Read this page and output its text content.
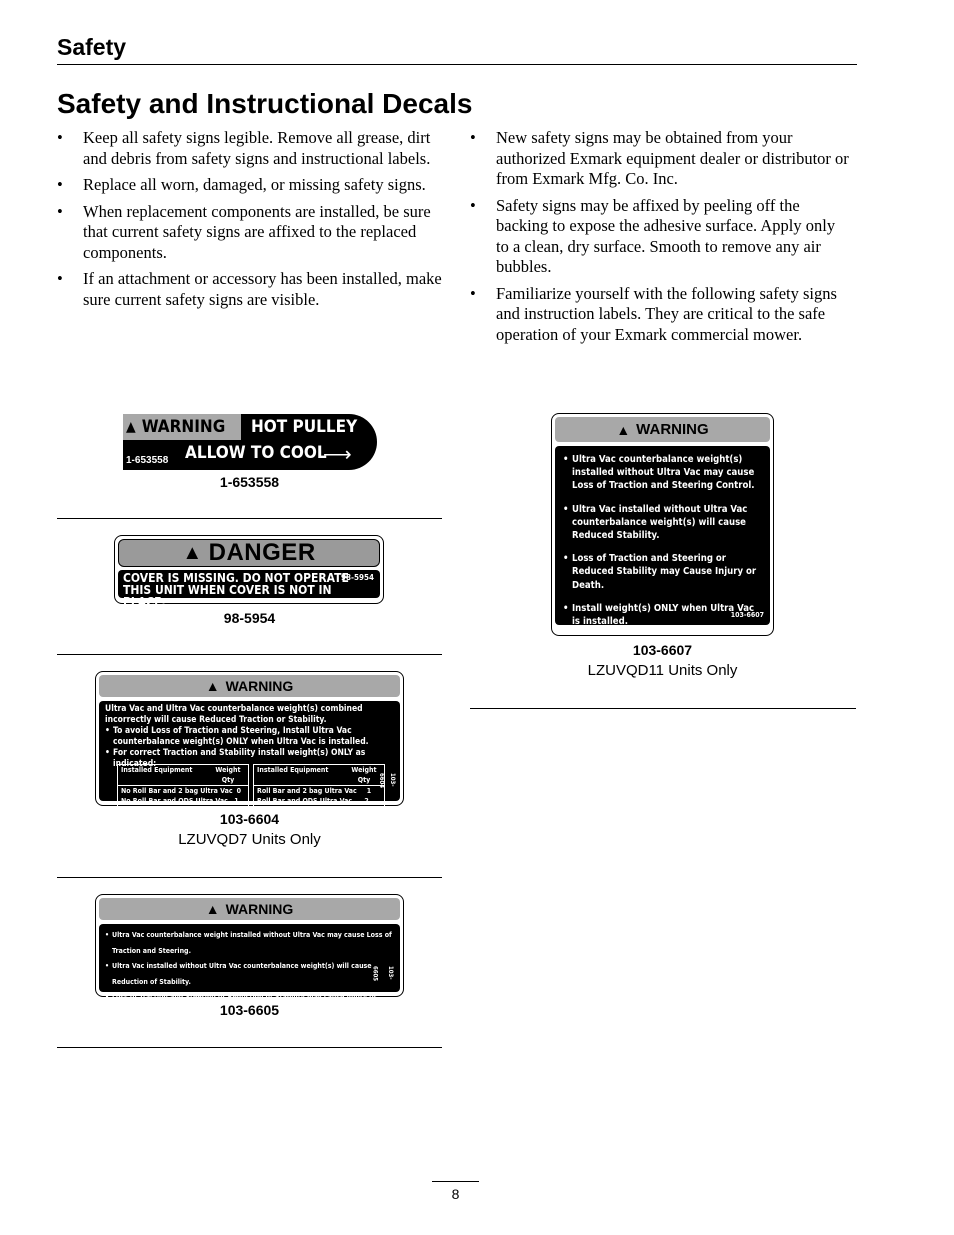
Safety
Safety and Instructional Decals
• Keep all safety signs legible. Remove all grease, dirt and debris from safety signs and instructional labels.
• Replace all worn, damaged, or missing safety signs.
• When replacement components are installed, be sure that current safety signs are affixed to the replaced components.
• If an attachment or accessory has been installed, make sure current safety signs are visible.
• New safety signs may be obtained from your authorized Exmark equipment dealer or distributor or from Exmark Mfg. Co. Inc.
• Safety signs may be affixed by peeling off the backing to expose the adhesive surface. Apply only to a clean, dry surface. Smooth to remove any air bubbles.
• Familiarize yourself with the following safety signs and instruction labels. They are critical to the safe operation of your Exmark commercial mower.
▲ WARNING HOT PULLEY
ALLOW TO COOL
1-653558	⟶
1-653558
▲ DANGER
COVER IS MISSING. DO NOT OPERATE
THIS UNIT WHEN COVER IS NOT IN PLACE.
98-5954
98-5954
▲ WARNING
Ultra Vac and Ultra Vac counterbalance weight(s) combined incorrectly will cause Reduced Traction or Stability.
• To avoid Loss of Traction and Steering, Install Ultra Vac counterbalance weight(s) ONLY when Ultra Vac is installed.
• For correct Traction and Stability install weight(s) ONLY as indicated:
Installed Equipment	Weight Qty
No Roll Bar and 2 bag Ultra Vac 0
No Roll Bar and QDS Ultra Vac 1
Installed Equipment	Weight Qty
Roll Bar and 2 bag Ultra Vac	1
Roll Bar and QDS Ultra Vac	2
103-6604
103-6604
LZUVQD7 Units Only
▲ WARNING
• Ultra Vac counterbalance weight installed without Ultra Vac may cause Loss of Traction and Steering.
• Ultra Vac installed without Ultra Vac counterbalance weight(s) will cause Reduction of Stability.
• Loss of Traction and Steering or Reduction of Stability may cause injury or death.
• Install weight(s) ONLY when Ultra Vac is installed.
103-6605
103-6605
▲ WARNING

• Ultra Vac counterbalance weight(s) installed without Ultra Vac may cause Loss of Traction and Steering Control.

• Ultra Vac installed without Ultra Vac counterbalance weight(s) will cause Reduced Stability.

• Loss of Traction and Steering or Reduced Stability may Cause Injury or Death.

• Install weight(s) ONLY when Ultra Vac is installed.

103-6607
103-6607
LZUVQD11 Units Only
8
